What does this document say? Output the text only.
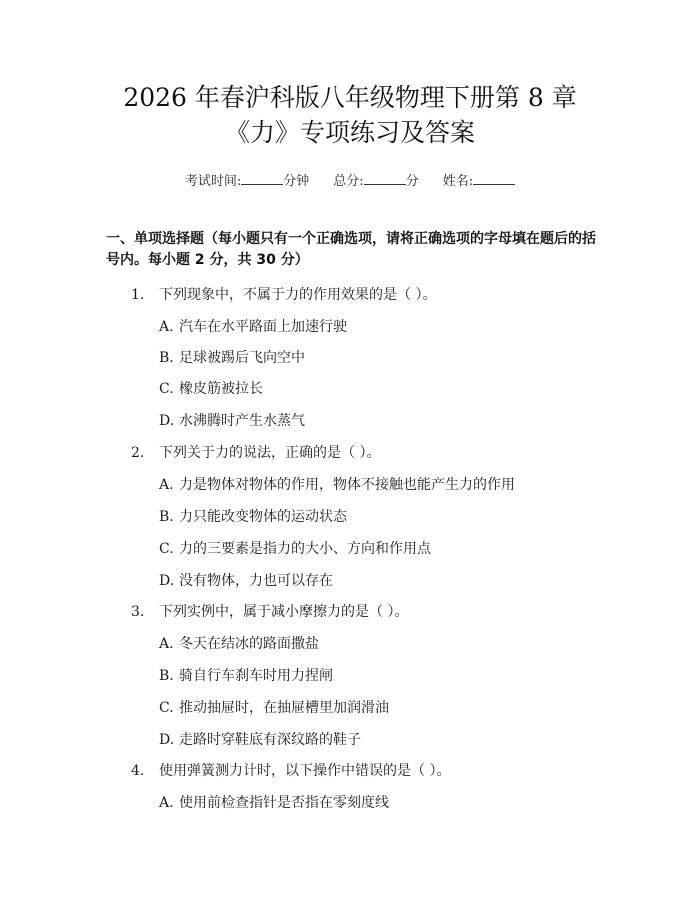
2026 年春沪科版八年级物理下册第 8 章
《力》专项练习及答案
考试时间:	分钟 总分:	分 姓名:
一、单项选择题（每小题只有一个正确选项，请将正确选项的字母填在题后的括号内。每小题 2 分，共 30 分）
1. 下列现象中，不属于力的作用效果的是（ ）。
A. 汽车在水平路面上加速行驶
B. 足球被踢后飞向空中
C. 橡皮筋被拉长
D. 水沸腾时产生水蒸气
2. 下列关于力的说法，正确的是（ ）。
A. 力是物体对物体的作用，物体不接触也能产生力的作用
B. 力只能改变物体的运动状态
C. 力的三要素是指力的大小、方向和作用点
D. 没有物体，力也可以存在
3. 下列实例中，属于减小摩擦力的是（ ）。
A. 冬天在结冰的路面撒盐
B. 骑自行车刹车时用力捏闸
C. 推动抽屉时，在抽屉槽里加润滑油
D. 走路时穿鞋底有深纹路的鞋子
4. 使用弹簧测力计时，以下操作中错误的是（ ）。
A. 使用前检查指针是否指在零刻度线
